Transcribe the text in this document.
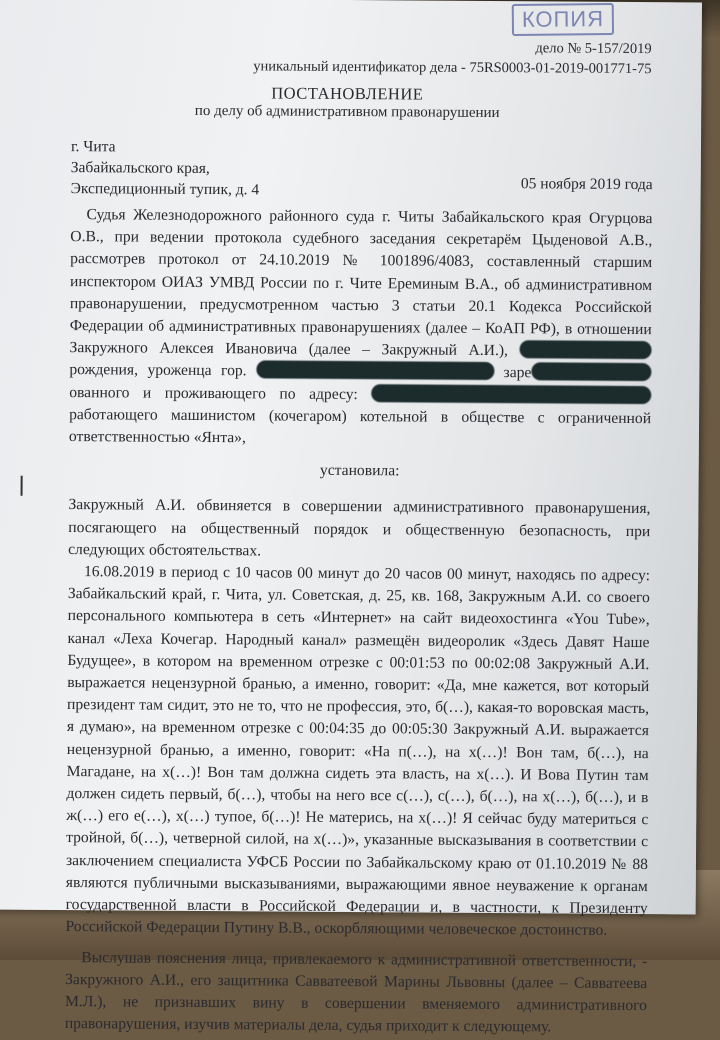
КОПИЯ
дело № 5-157/2019
уникальный идентификатор дела - 75RS0003-01-2019-001771-75
ПОСТАНОВЛЕНИЕ
по делу об административном правонарушении
г. Чита
Забайкальского края,
Экспедиционный тупик, д. 4	05 ноября 2019 года

Судья Железнодорожного районного суда г. Читы Забайкальского края Огурцова О.В., при ведении протокола судебного заседания секретарём Цыденовой А.В., рассмотрев протокол от 24.10.2019 № 1001896/4083, составленный старшим инспектором ОИАЗ УМВД России по г. Чите Ереминым В.А., об административном правонарушении, предусмотренном частью 3 статьи 20.1 Кодекса Российской Федерации об административных правонарушениях (далее – КоАП РФ), в отношении Закружного Алексея Ивановича (далее – Закружный А.И.),  рождения, уроженца гор.	зареованного и проживающего по адресу:  работающего машинистом (кочегаром) котельной в обществе с ограниченной ответственностью «Янта»,

установила:

Закружный А.И. обвиняется в совершении административного правонарушения, посягающего на общественный порядок и общественную безопасность, при следующих обстоятельствах.

16.08.2019 в период с 10 часов 00 минут до 20 часов 00 минут, находясь по адресу: Забайкальский край, г. Чита, ул. Советская, д. 25, кв. 168, Закружным А.И. со своего персонального компьютера в сеть «Интернет» на сайт видеохостинга «You Tube», канал «Леха Кочегар. Народный канал» размещён видеоролик «Здесь Давят Наше Будущее», в котором на временном отрезке с 00:01:53 по 00:02:08 Закружный А.И. выражается нецензурной бранью, а именно, говорит: «Да, мне кажется, вот который президент там сидит, это не то, что не профессия, это, б(…), какая-то воровская масть, я думаю», на временном отрезке с 00:04:35 до 00:05:30 Закружный А.И. выражается нецензурной бранью, а именно, говорит: «На п(…), на х(…)! Вон там, б(…), на Магадане, на х(…)! Вон там должна сидеть эта власть, на х(…). И Вова Путин там должен сидеть первый, б(…), чтобы на него все с(…), с(…), б(…), на х(…), б(…), и в ж(…) его е(…), х(…) тупое, б(…)! Не матерись, на х(…)! Я сейчас буду материться с тройной, б(…), четверной силой, на х(…)», указанные высказывания в соответствии с заключением специалиста УФСБ России по Забайкальскому краю от 01.10.2019 № 88 являются публичными высказываниями, выражающими явное неуважение к органам государственной власти в Российской Федерации и, в частности, к Президенту Российской Федерации Путину В.В., оскорбляющими человеческое достоинство.

Выслушав пояснения лица, привлекаемого к административной ответственности, - Закружного А.И., его защитника Савватеевой Марины Львовны (далее – Савватеева М.Л.), не признавших вину в совершении вменяемого административного правонарушения, изучив материалы дела, судья приходит к следующему.
